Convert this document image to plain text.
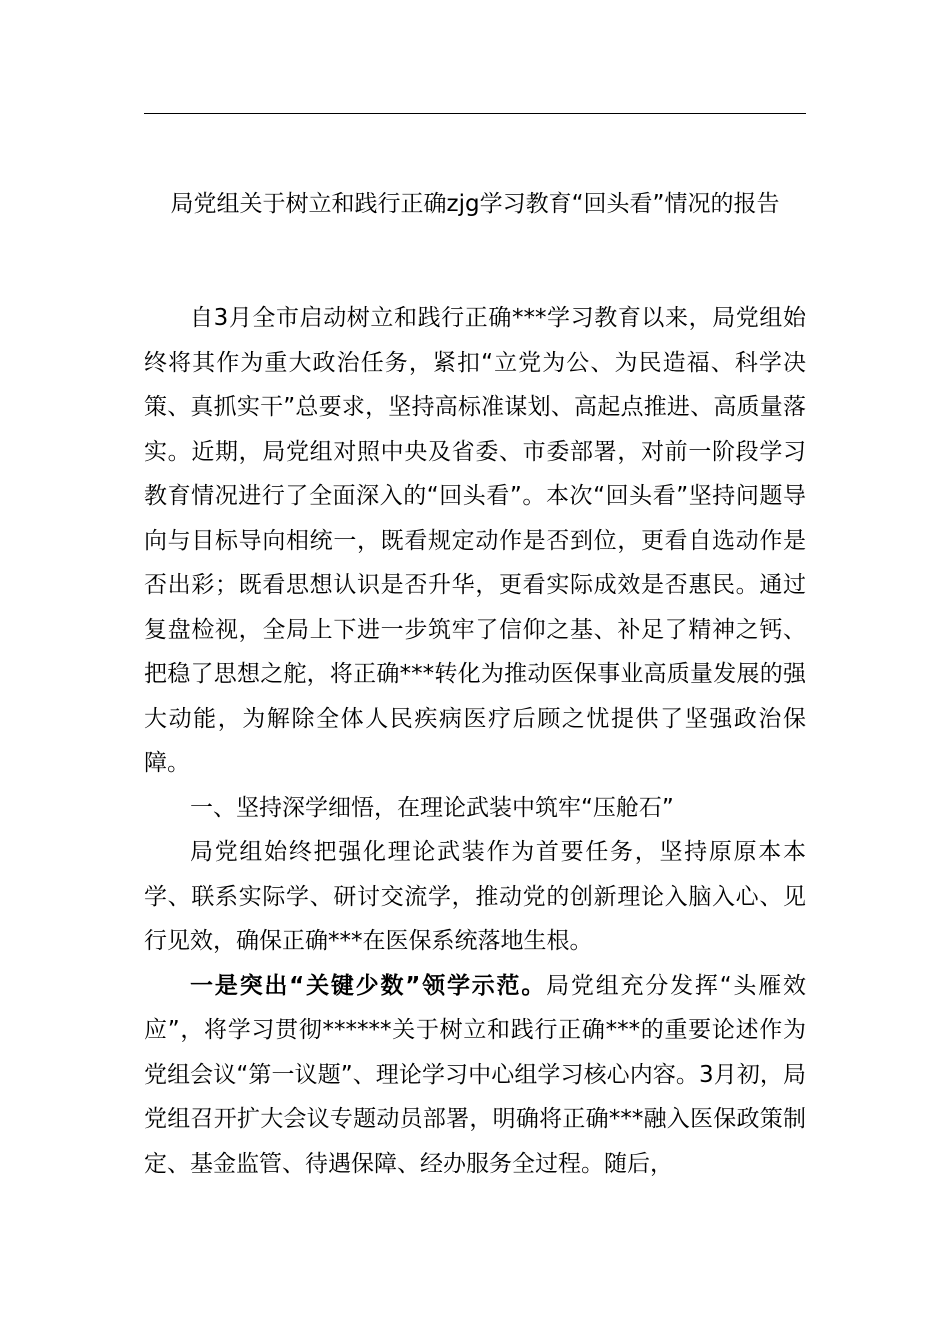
局党组关于树立和践行正确zjg学习教育“回头看”情况的报告

自3月全市启动树立和践行正确***学习教育以来，局党组始终将其作为重大政治任务，紧扣“立党为公、为民造福、科学决策、真抓实干”总要求，坚持高标准谋划、高起点推进、高质量落实。近期，局党组对照中央及省委、市委部署，对前一阶段学习教育情况进行了全面深入的“回头看”。本次“回头看”坚持问题导向与目标导向相统一，既看规定动作是否到位，更看自选动作是否出彩；既看思想认识是否升华，更看实际成效是否惠民。通过复盘检视，全局上下进一步筑牢了信仰之基、补足了精神之钙、把稳了思想之舵，将正确***转化为推动医保事业高质量发展的强大动能，为解除全体人民疾病医疗后顾之忧提供了坚强政治保障。

一、坚持深学细悟，在理论武装中筑牢“压舱石”

局党组始终把强化理论武装作为首要任务，坚持原原本本学、联系实际学、研讨交流学，推动党的创新理论入脑入心、见行见效，确保正确***在医保系统落地生根。

一是突出“关键少数”领学示范。局党组充分发挥“头雁效应”，将学习贯彻******关于树立和践行正确***的重要论述作为党组会议“第一议题”、理论学习中心组学习核心内容。3月初，局党组召开扩大会议专题动员部署，明确将正确***融入医保政策制定、基金监管、待遇保障、经办服务全过程。随后，
